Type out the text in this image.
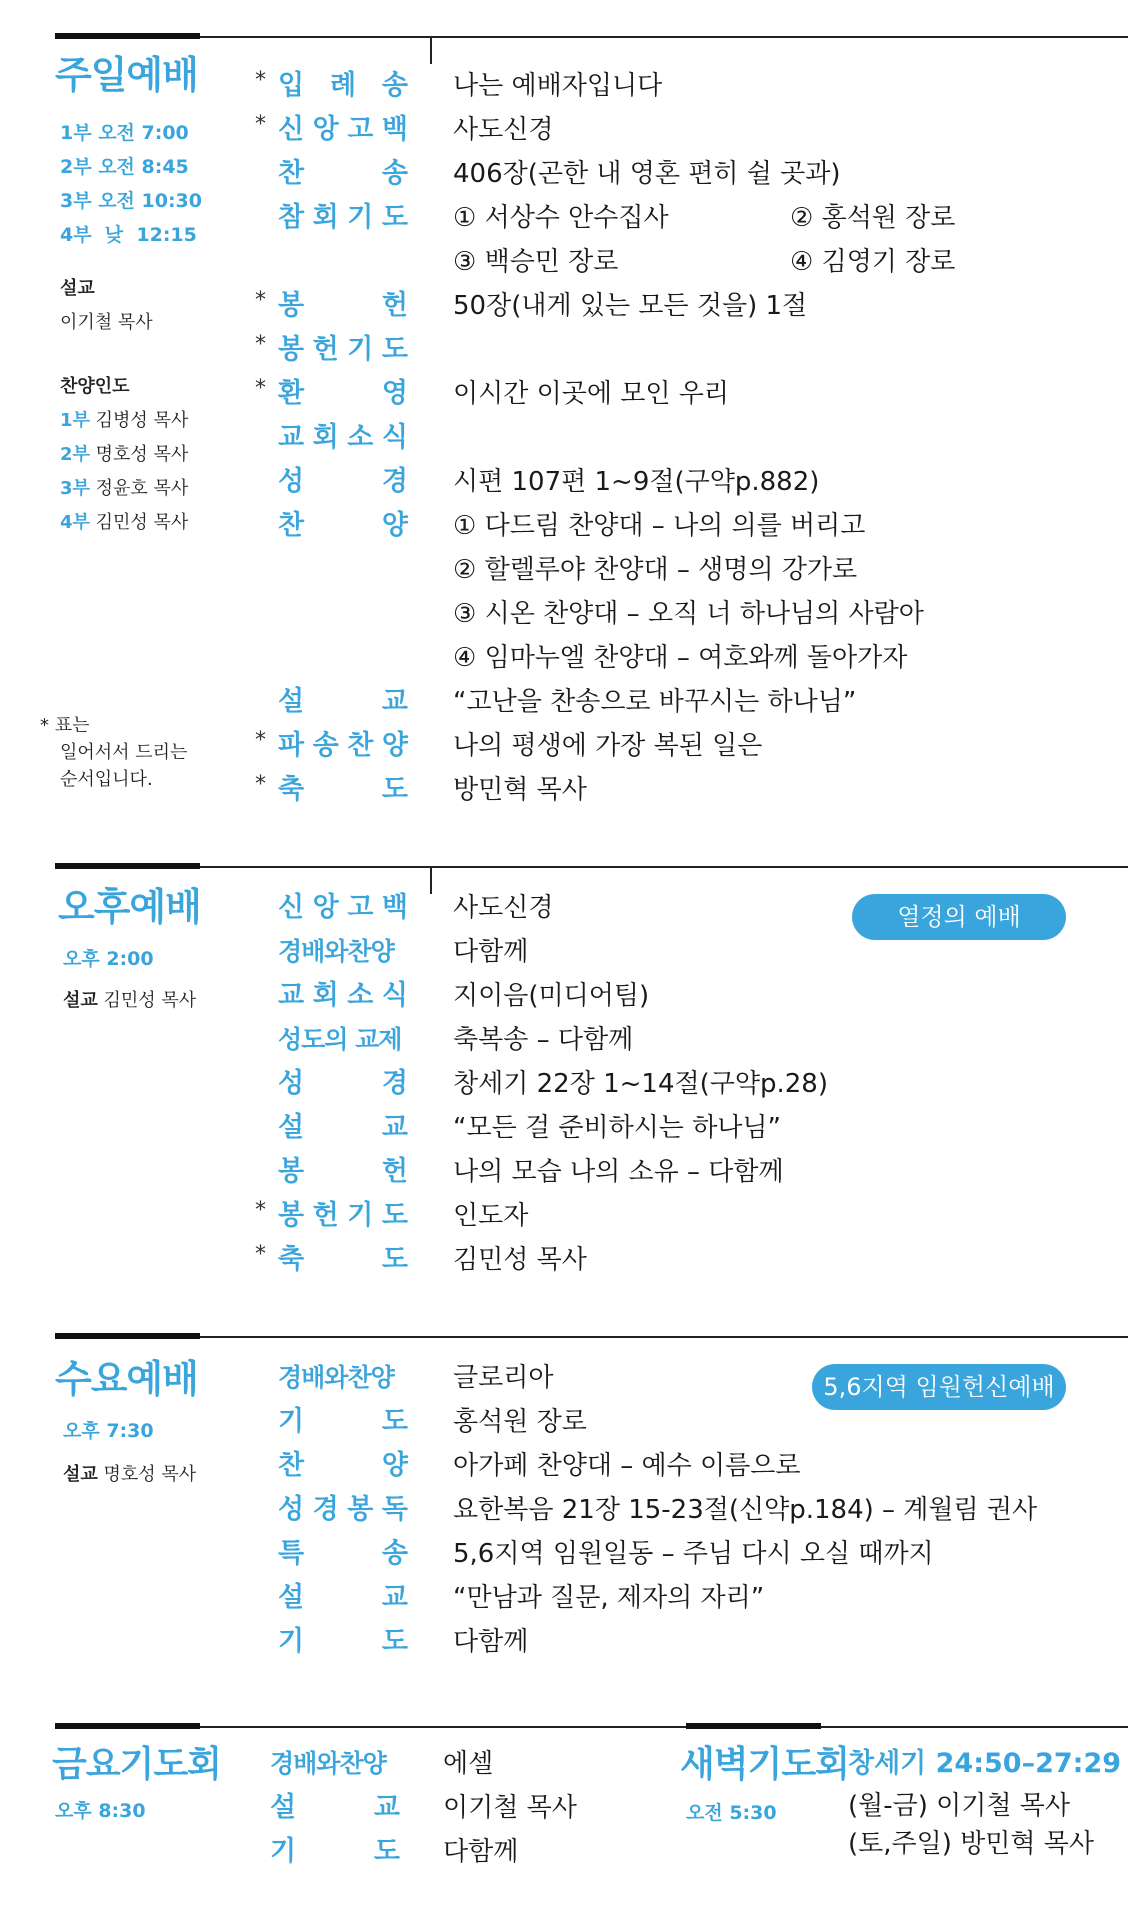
주일예배
1부 오전 7:00
2부 오전 8:45
3부 오전 10:30
4부  낮  12:15
설교
이기철 목사
찬양인도
1부 김병성 목사
2부 명호성 목사
3부 정윤호 목사
4부 김민성 목사
* 표는
일어서서 드리는
순서입니다.
* 입 례 송 나는 예배자입니다
* 신 앙 고 백 사도신경
찬	송 406장(곤한 내 영혼 편히 쉴 곳과)
참 회 기 도 ① 서상수 안수집사	② 홍석원 장로
③ 백승민 장로	④ 김영기 장로
* 봉	헌 50장(내게 있는 모든 것을) 1절
* 봉 헌 기 도
* 환	영 이시간 이곳에 모인 우리
교 회 소 식
성	경 시편 107편 1~9절(구약p.882)
찬	양 ① 다드림 찬양대 – 나의 의를 버리고
② 할렐루야 찬양대 – 생명의 강가로
③ 시온 찬양대 – 오직 너 하나님의 사람아
④ 임마누엘 찬양대 – 여호와께 돌아가자
설	교 “고난을 찬송으로 바꾸시는 하나님”
* 파 송 찬 양 나의 평생에 가장 복된 일은
* 축	도 방민혁 목사
오후예배
오후 2:00
설교 김민성 목사
열정의 예배
신 앙 고 백 사도신경
경배와찬양	다함께
교 회 소 식 지이음(미디어팀)
성도의 교제 축복송 – 다함께
성	경 창세기 22장 1~14절(구약p.28)
설	교 “모든 걸 준비하시는 하나님”
봉	헌 나의 모습 나의 소유 – 다함께
* 봉 헌 기 도 인도자
* 축	도 김민성 목사
수요예배
오후 7:30
설교 명호성 목사
5,6지역 임원헌신예배
경배와찬양	글로리아
기	도 홍석원 장로
찬	양 아가페 찬양대 – 예수 이름으로
성 경 봉 독 요한복음 21장 15-23절(신약p.184) – 계월림 권사
특	송 5,6지역 임원일동 – 주님 다시 오실 때까지
설	교 “만남과 질문, 제자의 자리”
기	도 다함께
금요기도회
오후 8:30
경배와찬양	에셀
설	교 이기철 목사
기	도 다함께
새벽기도회
오전 5:30
창세기 24:50–27:29
(월-금) 이기철 목사
(토,주일) 방민혁 목사
